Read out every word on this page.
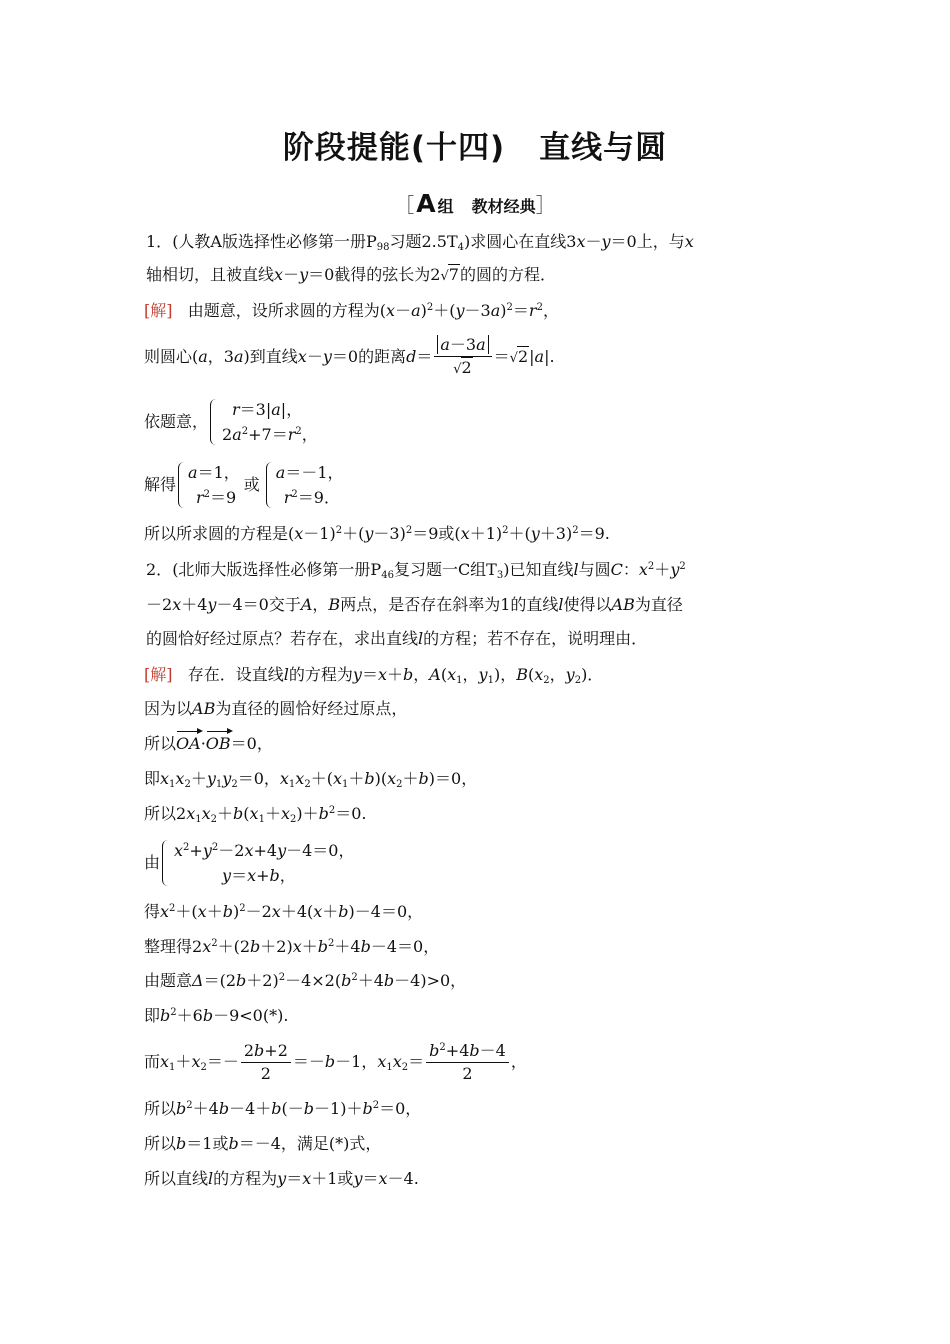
阶段提能(十四) 直线与圆
［A 组 教材经典］
1．(人教A版选择性必修第一册$P_{98}$习题$2.5T_4$)求圆心在直线3x－y＝0上，与x
轴相切，且被直线x－y＝0截得的弦长为2√7的圆的方程．
[解] 由题意，设所求圆的方程为$(x-a)^2+(y-3a)^2=r^2$，
则圆心(a，3a)到直线x－y＝0的距离$d= \frac{a-3a}{√2} =√2|a|$.
依题意，
r＝3|a|，
$2a^2+7=r^2$，
解得
a＝1，
$r^2=9$
或
a＝－1，
$r^2=9$．
所以所求圆的方程是$(x-1)^2+(y-3)^2=9$或$(x+1)^2+(y+3)^2=9$.
2．(北师大版选择性必修第一册$P_{46}$复习题一C组$T_3$)已知直线l与圆C：$x^2+y^2$
－2x＋4y－4＝0交于A，B两点，是否存在斜率为1的直线l使得以AB为直径
的圆恰好经过原点？若存在，求出直线l的方程；若不存在，说明理由．
[解] 存在．设直线l的方程为y＝x＋b，$A(x_1$，$y_1$)，$B(x_2$，$y_2$)．
因为以AB为直径的圆恰好经过原点，
所以OA
·OB
＝0，
即$x_1x_2+y_1y_2=0$，$x_1x_2+(x_1+b)(x_2+b)=0$，
所以$2x_1x_2+b(x_1+x_2)+b^2=0$.
由
$x^2+y^2-2x+4y-4=0$，
y＝x+b，
得$x^2+(x+b)^2-2x+4(x+b)-4=0$，
整理得$2x^2+(2b+2)x+b^2+4b-4=0$，
由题意$\Delta=(2b+2)^2-4\times 2(b^2+4b-4)>0$，
即$b^2+6b-9<0(*)$.
而$x_1+x_2=- \frac{2b+2}{2} =-b-1$，$x_1x_2= \frac{b^2+4b-4}{2}$ ，
所以$b^2+4b-4+b(-b-1)+b^2=0$，
所以b＝1或b＝－4，满足(*)式，
所以直线l的方程为y＝x＋1或y＝x－4.
